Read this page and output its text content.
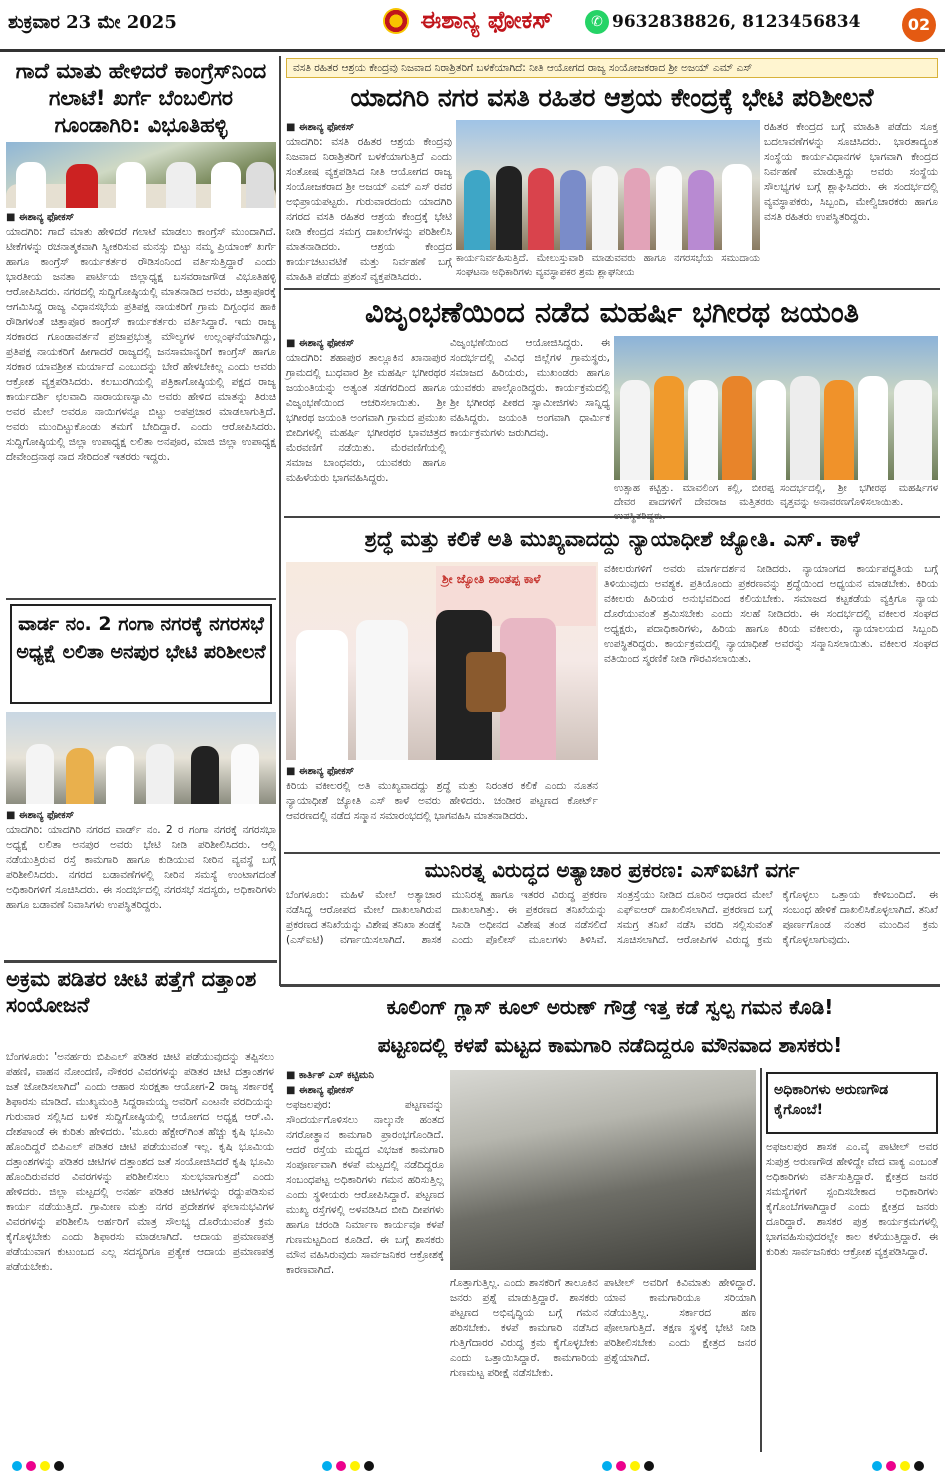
ಶುಕ್ರವಾರ 23 ಮೇ 2025	ಈಶಾನ್ಯ ಫೋಕಸ್	✆ 9632838826, 8123456834	02
ಗಾದೆ ಮಾತು ಹೇಳಿದರೆ ಕಾಂಗ್ರೆಸ್‌ನಿಂದ ಗಲಾಟೆ! ಖರ್ಗೆ ಬೆಂಬಲಿಗರ ಗೂಂಡಾಗಿರಿ: ವಿಭೂತಿಹಳ್ಳಿ
■ ಈಶಾನ್ಯ ಫೋಕಸ್
ಯಾದಗಿರಿ: ಗಾದೆ ಮಾತು ಹೇಳಿದರೆ ಗಲಾಟೆ ಮಾಡಲು ಕಾಂಗ್ರೆಸ್ ಮುಂದಾಗಿದೆ. ಟೀಕೆಗಳನ್ನು ರಚನಾತ್ಮಕವಾಗಿ ಸ್ವೀಕರಿಸುವ ಮನಸ್ಸು ಬಿಟ್ಟು ನಮ್ಮ ಪ್ರಿಯಾಂಕ್ ಖರ್ಗೆ ಹಾಗೂ ಕಾಂಗ್ರೆಸ್ ಕಾರ್ಯಕರ್ತರ ರೌಡಿಸಂನಿಂದ ವರ್ತಿಸುತ್ತಿದ್ದಾರೆ ಎಂದು ಭಾರತೀಯ ಜನತಾ ಪಾರ್ಟಿಯ ಜಿಲ್ಲಾಧ್ಯಕ್ಷ ಬಸವರಾಜಗೌಡ ವಿಭೂತಿಹಳ್ಳಿ ಆರೋಪಿಸಿದರು. ನಗರದಲ್ಲಿ ಸುದ್ದಿಗೋಷ್ಠಿಯಲ್ಲಿ ಮಾತನಾಡಿದ ಅವರು, ಚಿತ್ತಾಪೂರಕ್ಕೆ ಆಗಮಿಸಿದ್ದ ರಾಜ್ಯ ವಿಧಾನಸಭೆಯ ಪ್ರತಿಪಕ್ಷ ನಾಯಕರಿಗೆ ಗ್ರಾಮ ದಿಗ್ಬಂಧನ ಹಾಕಿ ರೌಡಿಗಳಂತೆ ಚಿತ್ತಾಪೂರ ಕಾಂಗ್ರೆಸ್ ಕಾರ್ಯಕರ್ತರು ವರ್ತಿಸಿದ್ದಾರೆ. ಇದು ರಾಜ್ಯ ಸರಕಾರದ ಗೂಂಡಾವರ್ತನೆ ಪ್ರಜಾಪ್ರಭುತ್ವ ಮೌಲ್ಯಗಳ ಉಲ್ಲಂಘನೆಯಾಗಿದ್ದು, ಪ್ರತಿಪಕ್ಷ ನಾಯಕರಿಗೆ ಹೀಗಾದರೆ ರಾಜ್ಯದಲ್ಲಿ ಜನಸಾಮಾನ್ಯರಿಗೆ ಕಾಂಗ್ರೆಸ್ ಹಾಗೂ ಸರಕಾರ ಯಾವಶ್ರೀತ ಮರ್ಯಾದೆ ಎಂಬುದನ್ನು ಬೇರೆ ಹೇಳಬೇಕಿಲ್ಲ ಎಂದು ಅವರು ಆಕ್ರೋಶ ವ್ಯಕ್ತಪಡಿಸಿದರು. ಕಲಬುರಗಿಯಲ್ಲಿ ಪತ್ರಿಕಾಗೋಷ್ಠಿಯಲ್ಲಿ ಪಕ್ಷದ ರಾಜ್ಯ ಕಾರ್ಯದರ್ಶಿ ಛಲವಾದಿ ನಾರಾಯಣಸ್ವಾಮಿ ಅವರು ಹೇಳಿದ ಮಾತನ್ನು ತಿರುಚಿ ಅವರ ಮೇಲೆ ಅವರೂ ನಾಯಿಗಳನ್ನೂ ಬಿಟ್ಟು ಅಪಪ್ರಚಾರ ಮಾಡಲಾಗುತ್ತಿದೆ. ಅವರು ಮುಂದಿಟ್ಟುಕೊಂಡು ತಮಗೆ ಬೇದಿದ್ದಾರೆ. ಎಂದು ಆರೋಪಿಸಿದರು. ಸುದ್ದಿಗೋಷ್ಠಿಯಲ್ಲಿ ಜಿಲ್ಲಾ ಉಪಾಧ್ಯಕ್ಷ ಲಲಿತಾ ಅನಪೂರ, ಮಾಜಿ ಜಿಲ್ಲಾ ಉಪಾಧ್ಯಕ್ಷ ದೇವೇಂದ್ರನಾಥ ನಾದ ಸೇರಿದಂತೆ ಇತರರು ಇದ್ದರು.
ವಾರ್ಡ ನಂ. 2 ಗಂಗಾ ನಗರಕ್ಕೆ ನಗರಸಭೆ ಅಧ್ಯಕ್ಷೆ ಲಲಿತಾ ಅನಪುರ ಭೇಟಿ ಪರಿಶೀಲನೆ
■ ಈಶಾನ್ಯ ಫೋಕಸ್
ಯಾದಗಿರಿ: ಯಾದಗಿರಿ ನಗರದ ವಾರ್ಡ್ ನಂ. 2 ರ ಗಂಗಾ ನಗರಕ್ಕೆ ನಗರಸಭಾ ಅಧ್ಯಕ್ಷೆ ಲಲಿತಾ ಅನಪುರ ಅವರು ಭೇಟಿ ನೀಡಿ ಪರಿಶೀಲಿಸಿದರು. ಆಲ್ಲಿ ನಡೆಯುತ್ತಿರುವ ರಸ್ತೆ ಕಾಮಗಾರಿ ಹಾಗೂ ಕುಡಿಯುವ ನೀರಿನ ವ್ಯವಸ್ಥೆ ಬಗ್ಗೆ ಪರಿಶೀಲಿಸಿದರು. ನಗರದ ಬಡಾವಣೆಗಳಲ್ಲಿ ನೀರಿನ ಸಮಸ್ಯೆ ಉಂಟಾಗದಂತೆ ಅಧಿಕಾರಿಗಳಿಗೆ ಸೂಚಿಸಿದರು. ಈ ಸಂದರ್ಭದಲ್ಲಿ ನಗರಸಭೆ ಸದಸ್ಯರು, ಅಧಿಕಾರಿಗಳು ಹಾಗೂ ಬಡಾವಣೆ ನಿವಾಸಿಗಳು ಉಪಸ್ಥಿತರಿದ್ದರು.
ಅಕ್ರಮ ಪಡಿತರ ಚೀಟಿ ಪತ್ತೆಗೆ ದತ್ತಾಂಶ ಸಂಯೋಜನೆ
ಬೆಂಗಳೂರು: 'ಅನರ್ಹರು ಬಿಪಿಎಲ್ ಪಡಿತರ ಚೀಟಿ ಪಡೆಯುವುದನ್ನು ತಪ್ಪಿಸಲು ಪಹಣಿ, ವಾಹನ ನೋಂದಣಿ, ನೌಕರರ ವಿವರಗಳನ್ನು ಪಡಿತರ ಚೀಟಿ ದತ್ತಾಂಶಗಳ ಜತೆ ಜೋಡಿಸಲಾಗಿದೆ' ಎಂದು ಆಹಾರ ಸುರಕ್ಷತಾ ಆಯೋಗ-2 ರಾಜ್ಯ ಸರ್ಕಾರಕ್ಕೆ ಶಿಫಾರಸು ಮಾಡಿದೆ. ಮುಖ್ಯಮಂತ್ರಿ ಸಿದ್ದರಾಮಯ್ಯ ಅವರಿಗೆ ಎಂಟನೇ ವರದಿಯನ್ನು ಗುರುವಾರ ಸಲ್ಲಿಸಿದ ಬಳಿಕ ಸುದ್ದಿಗೋಷ್ಠಿಯಲ್ಲಿ ಆಯೋಗದ ಅಧ್ಯಕ್ಷ ಆರ್.ವಿ. ದೇಶಪಾಂಡೆ ಈ ಕುರಿತು ಹೇಳಿದರು. 'ಮೂರು ಹೆಕ್ಟೇರ್‌ಗಿಂತ ಹೆಚ್ಚು ಕೃಷಿ ಭೂಮಿ ಹೊಂದಿದ್ದರೆ ಬಿಪಿಎಲ್ ಪಡಿತರ ಚೀಟಿ ಪಡೆಯುವಂತೆ ಇಲ್ಲ. ಕೃಷಿ ಭೂಮಿಯ ದತ್ತಾಂಶಗಳನ್ನು ಪಡಿತರ ಚೀಟಿಗಳ ದತ್ತಾಂಶದ ಜತೆ ಸಂಯೋಜಿಸಿದರೆ ಕೃಷಿ ಭೂಮಿ ಹೊಂದಿರುವವರ ವಿವರಗಳನ್ನು ಪರಿಶೀಲಿಸಲು ಸುಲಭವಾಗುತ್ತದೆ' ಎಂದು ಹೇಳಿದರು. ಜಿಲ್ಲಾ ಮಟ್ಟದಲ್ಲಿ ಅನರ್ಹ ಪಡಿತರ ಚೀಟಿಗಳನ್ನು ರದ್ದುಪಡಿಸುವ ಕಾರ್ಯ ನಡೆಯುತ್ತಿದೆ. ಗ್ರಾಮೀಣ ಮತ್ತು ನಗರ ಪ್ರದೇಶಗಳ ಫಲಾನುಭವಿಗಳ ವಿವರಗಳನ್ನು ಪರಿಶೀಲಿಸಿ ಅರ್ಹರಿಗೆ ಮಾತ್ರ ಸೌಲಭ್ಯ ದೊರೆಯುವಂತೆ ಕ್ರಮ ಕೈಗೊಳ್ಳಬೇಕು ಎಂದು ಶಿಫಾರಸು ಮಾಡಲಾಗಿದೆ. ಆದಾಯ ಪ್ರಮಾಣಪತ್ರ ಪಡೆಯುವಾಗ ಕುಟುಂಬದ ಎಲ್ಲ ಸದಸ್ಯರಿಗೂ ಪ್ರತ್ಯೇಕ ಆದಾಯ ಪ್ರಮಾಣಪತ್ರ ಪಡೆಯಬೇಕು.
ವಸತಿ ರಹಿತರ ಆಶ್ರಯ ಕೇಂದ್ರವು ನಿಜವಾದ ನಿರಾಶ್ರಿತರಿಗೆ ಬಳಕೆಯಾಗಿದೆ: ನೀತಿ ಆಯೋಗದ ರಾಜ್ಯ ಸಂಯೋಜಕರಾದ ಶ್ರೀ ಅಜಯ್ ಎಮ್ ಎಸ್
ಯಾದಗಿರಿ ನಗರ ವಸತಿ ರಹಿತರ ಆಶ್ರಯ ಕೇಂದ್ರಕ್ಕೆ ಭೇಟಿ ಪರಿಶೀಲನೆ
■ ಈಶಾನ್ಯ ಫೋಕಸ್
ಯಾದಗಿರಿ: ವಸತಿ ರಹಿತರ ಆಶ್ರಯ ಕೇಂದ್ರವು ನಿಜವಾದ ನಿರಾಶ್ರಿತರಿಗೆ ಬಳಕೆಯಾಗುತ್ತಿದೆ ಎಂದು ಸಂತೋಷ ವ್ಯಕ್ತಪಡಿಸಿದ ನೀತಿ ಆಯೋಗದ ರಾಜ್ಯ ಸಂಯೋಜಕರಾದ ಶ್ರೀ ಅಜಯ್ ಎಮ್ ಎಸ್ ರವರ ಅಭಿಪ್ರಾಯಪಟ್ಟರು. ಗುರುವಾರದಂದು ಯಾದಗಿರಿ ನಗರದ ವಸತಿ ರಹಿತರ ಆಶ್ರಯ ಕೇಂದ್ರಕ್ಕೆ ಭೇಟಿ ನೀಡಿ ಕೇಂದ್ರದ ಸಮಗ್ರ ದಾಖಲೆಗಳನ್ನು ಪರಿಶೀಲಿಸಿ ಮಾತನಾಡಿದರು. ಆಶ್ರಯ ಕೇಂದ್ರದ ಕಾರ್ಯಚಟುವಟಿಕೆ ಮತ್ತು ನಿರ್ವಹಣೆ ಬಗ್ಗೆ ಮಾಹಿತಿ ಪಡೆದು ಪ್ರಶಂಸೆ ವ್ಯಕ್ತಪಡಿಸಿದರು.
ಕಾರ್ಯನಿರ್ವಹಿಸುತ್ತಿದೆ. ಮೇಲುಸ್ತುವಾರಿ ಮಾಡುವವರು ಹಾಗೂ ನಗರಸಭೆಯ ಸಮುದಾಯ ಸಂಘಟನಾ ಅಧಿಕಾರಿಗಳು ವ್ಯವಸ್ಥಾಪಕರ ಶ್ರಮ ಶ್ಲಾಘನೀಯ
ರಹಿತರ ಕೇಂದ್ರದ ಬಗ್ಗೆ ಮಾಹಿತಿ ಪಡೆದು ಸೂಕ್ತ ಬದಲಾವಣೆಗಳನ್ನು ಸೂಚಿಸಿದರು. ಭಾರತಾದ್ಯಂತ ಸಂಸ್ಥೆಯ ಕಾರ್ಯವಿಧಾನಗಳ ಭಾಗವಾಗಿ ಕೇಂದ್ರದ ನಿರ್ವಹಣೆ ಮಾಡುತ್ತಿದ್ದು ಅವರು ಸಂಸ್ಥೆಯ ಸೌಲಭ್ಯಗಳ ಬಗ್ಗೆ ಶ್ಲಾಘಿಸಿದರು. ಈ ಸಂದರ್ಭದಲ್ಲಿ ವ್ಯವಸ್ಥಾಪಕರು, ಸಿಬ್ಬಂದಿ, ಮೇಲ್ವಿಚಾರಕರು ಹಾಗೂ ವಸತಿ ರಹಿತರು ಉಪಸ್ಥಿತರಿದ್ದರು.
ವಿಜೃಂಭಣೆಯಿಂದ ನಡೆದ ಮಹರ್ಷಿ ಭಗೀರಥ ಜಯಂತಿ
■ ಈಶಾನ್ಯ ಫೋಕಸ್
ಯಾದಗಿರಿ: ಶಹಾಪುರ ತಾಲ್ಲೂಕಿನ ಖಾನಾಪುರ ಗ್ರಾಮದಲ್ಲಿ ಬುಧವಾರ ಶ್ರೀ ಮಹರ್ಷಿ ಭಗೀರಥರ ಜಯಂತಿಯನ್ನು ಅತ್ಯಂತ ಸಡಗರದಿಂದ ಹಾಗೂ ವಿಜೃಂಭಣೆಯಿಂದ ಆಚರಿಸಲಾಯಿತು. ಶ್ರೀ ಭಗೀರಥ ಜಯಂತಿ ಅಂಗವಾಗಿ ಗ್ರಾಮದ ಪ್ರಮುಖ ಬೀದಿಗಳಲ್ಲಿ ಮಹರ್ಷಿ ಭಗೀರಥರ ಭಾವಚಿತ್ರದ ಮೆರವಣಿಗೆ ನಡೆಯಿತು. ಮೆರವಣಿಗೆಯಲ್ಲಿ ಸಮಾಜ ಬಾಂಧವರು, ಯುವಕರು ಹಾಗೂ ಮಹಿಳೆಯರು ಭಾಗವಹಿಸಿದ್ದರು.
ವಿಜೃಂಭಣೆಯಿಂದ ಆಯೋಜಿಸಿದ್ದರು. ಈ ಸಂದರ್ಭದಲ್ಲಿ ವಿವಿಧ ಜಿಲ್ಲೆಗಳ ಗ್ರಾಮಸ್ಥರು, ಸಮಾಜದ ಹಿರಿಯರು, ಮುಖಂಡರು ಹಾಗೂ ಯುವಕರು ಪಾಲ್ಗೊಂಡಿದ್ದರು. ಕಾರ್ಯಕ್ರಮದಲ್ಲಿ ಶ್ರೀ ಭಗೀರಥ ಪೀಠದ ಸ್ವಾಮೀಜಿಗಳು ಸಾನ್ನಿಧ್ಯ ವಹಿಸಿದ್ದರು. ಜಯಂತಿ ಅಂಗವಾಗಿ ಧಾರ್ಮಿಕ ಕಾರ್ಯಕ್ರಮಗಳು ಜರುಗಿದವು.
ಉತ್ಸಾಹ ಕಟ್ಟಿತ್ತು. ಮಾವಲಿಂಗ ಕಲ್ಲಿ, ಬೀರಪ್ಪ ದೇವರ ಪಾದಗಳಿಗೆ ದೇವರಾಜ ಮತ್ತಿತರರು
ಸಂದರ್ಭದಲ್ಲಿ, ಶ್ರೀ ಭಗೀರಥ ಮಹರ್ಷಿಗಳ ವೃತ್ತವನ್ನು ಅನಾವರಣಗೊಳಿಸಲಾಯಿತು.
ಶ್ರದ್ಧೆ ಮತ್ತು ಕಲಿಕೆ ಅತಿ ಮುಖ್ಯವಾದದ್ದು ನ್ಯಾಯಾಧೀಶೆ ಜ್ಯೋತಿ. ಎಸ್. ಕಾಳೆ
ಶ್ರೀ ಜ್ಯೋತಿ ಶಾಂತಪ್ಪ ಕಾಳೆ
■ ಈಶಾನ್ಯ ಫೋಕಸ್
ಕಿರಿಯ ವಕೀಲರಲ್ಲಿ ಅತಿ ಮುಖ್ಯವಾದದ್ದು ಶ್ರದ್ಧೆ ಮತ್ತು ನಿರಂತರ ಕಲಿಕೆ ಎಂದು ನೂತನ ನ್ಯಾಯಾಧೀಶೆ ಜ್ಯೋತಿ ಎಸ್ ಕಾಳೆ ಅವರು ಹೇಳಿದರು. ಚಂಡೀರ ಪಟ್ಟಣದ ಕೋರ್ಟ್ ಆವರಣದಲ್ಲಿ ನಡೆದ ಸನ್ಮಾನ ಸಮಾರಂಭದಲ್ಲಿ ಭಾಗವಹಿಸಿ ಮಾತನಾಡಿದರು.
ವಕೀಲರುಗಳಿಗೆ ಅವರು ಮಾರ್ಗದರ್ಶನ ನೀಡಿದರು. ನ್ಯಾಯಾಂಗದ ಕಾರ್ಯಪದ್ಧತಿಯ ಬಗ್ಗೆ ತಿಳಿಯುವುದು ಅವಶ್ಯಕ. ಪ್ರತಿಯೊಂದು ಪ್ರಕರಣವನ್ನು ಶ್ರದ್ಧೆಯಿಂದ ಅಧ್ಯಯನ ಮಾಡಬೇಕು. ಕಿರಿಯ ವಕೀಲರು ಹಿರಿಯರ ಅನುಭವದಿಂದ ಕಲಿಯಬೇಕು. ಸಮಾಜದ ಕಟ್ಟಕಡೆಯ ವ್ಯಕ್ತಿಗೂ ನ್ಯಾಯ ದೊರೆಯುವಂತೆ ಶ್ರಮಿಸಬೇಕು ಎಂದು ಸಲಹೆ ನೀಡಿದರು. ಈ ಸಂದರ್ಭದಲ್ಲಿ ವಕೀಲರ ಸಂಘದ ಅಧ್ಯಕ್ಷರು, ಪದಾಧಿಕಾರಿಗಳು, ಹಿರಿಯ ಹಾಗೂ ಕಿರಿಯ ವಕೀಲರು, ನ್ಯಾಯಾಲಯದ ಸಿಬ್ಬಂದಿ ಉಪಸ್ಥಿತರಿದ್ದರು. ಕಾರ್ಯಕ್ರಮದಲ್ಲಿ ನ್ಯಾಯಾಧೀಶೆ ಅವರನ್ನು ಸನ್ಮಾನಿಸಲಾಯಿತು. ವಕೀಲರ ಸಂಘದ ವತಿಯಿಂದ ಸ್ಮರಣಿಕೆ ನೀಡಿ ಗೌರವಿಸಲಾಯಿತು.
ಮುನಿರತ್ನ ವಿರುದ್ಧದ ಅತ್ಯಾಚಾರ ಪ್ರಕರಣ: ಎಸ್‌ಐಟಿಗೆ ವರ್ಗ
ಬೆಂಗಳೂರು: ಮಹಿಳೆ ಮೇಲೆ ಅತ್ಯಾಚಾರ ನಡೆಸಿದ್ದ ಆರೋಪದ ಮೇಲೆ ದಾಖಲಾಗಿರುವ ಪ್ರಕರಣದ ತನಿಖೆಯನ್ನು ವಿಶೇಷ ತನಿಖಾ ತಂಡಕ್ಕೆ (ಎಸ್‌ಐಟಿ) ವರ್ಗಾಯಿಸಲಾಗಿದೆ. ಶಾಸಕ ಮುನಿರತ್ನ ಹಾಗೂ ಇತರರ ವಿರುದ್ಧ ಪ್ರಕರಣ ದಾಖಲಾಗಿತ್ತು. ಈ ಪ್ರಕರಣದ ತನಿಖೆಯನ್ನು ಸಿಐಡಿ ಅಧೀನದ ವಿಶೇಷ ತಂಡ ನಡೆಸಲಿದೆ ಎಂದು ಪೊಲೀಸ್ ಮೂಲಗಳು ತಿಳಿಸಿವೆ. ಸಂತ್ರಸ್ತೆಯು ನೀಡಿದ ದೂರಿನ ಆಧಾರದ ಮೇಲೆ ಎಫ್‌ಐಆರ್ ದಾಖಲಿಸಲಾಗಿದೆ. ಪ್ರಕರಣದ ಬಗ್ಗೆ ಸಮಗ್ರ ತನಿಖೆ ನಡೆಸಿ ವರದಿ ಸಲ್ಲಿಸುವಂತೆ ಸೂಚಿಸಲಾಗಿದೆ. ಆರೋಪಿಗಳ ವಿರುದ್ಧ ಕ್ರಮ ಕೈಗೊಳ್ಳಲು ಒತ್ತಾಯ ಕೇಳಿಬಂದಿದೆ. ಈ ಸಂಬಂಧ ಹೇಳಿಕೆ ದಾಖಲಿಸಿಕೊಳ್ಳಲಾಗಿದೆ. ತನಿಖೆ ಪೂರ್ಣಗೊಂಡ ನಂತರ ಮುಂದಿನ ಕ್ರಮ ಕೈಗೊಳ್ಳಲಾಗುವುದು.
ಕೂಲಿಂಗ್ ಗ್ಲಾಸ್ ಕೂಲ್ ಅರುಣ್ ಗೌಡ್ರೆ ಇತ್ತ ಕಡೆ ಸ್ವಲ್ಪ ಗಮನ ಕೊಡಿ!
ಪಟ್ಟಣದಲ್ಲಿ ಕಳಪೆ ಮಟ್ಟದ ಕಾಮಗಾರಿ ನಡೆದಿದ್ದರೂ ಮೌನವಾದ ಶಾಸಕರು!
■ ಕಾರ್ತಿಕ್ ಎಸ್ ಕಟ್ಟಿಮನಿ
■ ಈಶಾನ್ಯ ಫೋಕಸ್
ಅಫಜಲಪುರ: ಪಟ್ಟಣವನ್ನು ಸೌಂದರ್ಯಗೊಳಿಸಲು ನಾಲ್ಕುನೇ ಹಂತದ ನಗರೋತ್ಥಾನ ಕಾಮಗಾರಿ ಪ್ರಾರಂಭಗೊಂಡಿದೆ. ಆದರೆ ರಸ್ತೆಯ ಮಧ್ಯದ ವಿಭಜಕ ಕಾಮಗಾರಿ ಸಂಪೂರ್ಣವಾಗಿ ಕಳಪೆ ಮಟ್ಟದಲ್ಲಿ ನಡೆದಿದ್ದರೂ ಸಂಬಂಧಪಟ್ಟ ಅಧಿಕಾರಿಗಳು ಗಮನ ಹರಿಸುತ್ತಿಲ್ಲ ಎಂದು ಸ್ಥಳೀಯರು ಆರೋಪಿಸಿದ್ದಾರೆ. ಪಟ್ಟಣದ ಮುಖ್ಯ ರಸ್ತೆಗಳಲ್ಲಿ ಅಳವಡಿಸಿದ ಬೀದಿ ದೀಪಗಳು ಹಾಗೂ ಚರಂಡಿ ನಿರ್ಮಾಣ ಕಾರ್ಯವೂ ಕಳಪೆ ಗುಣಮಟ್ಟದಿಂದ ಕೂಡಿದೆ. ಈ ಬಗ್ಗೆ ಶಾಸಕರು ಮೌನ ವಹಿಸಿರುವುದು ಸಾರ್ವಜನಿಕರ ಆಕ್ರೋಶಕ್ಕೆ ಕಾರಣವಾಗಿದೆ.
ಗೊತ್ತಾಗುತ್ತಿಲ್ಲ. ಎಂದು ಶಾಸಕರಿಗೆ ತಾಲೂಕಿನ ಜನರು ಪ್ರಶ್ನೆ ಮಾಡುತ್ತಿದ್ದಾರೆ. ಶಾಸಕರು ಪಟ್ಟಣದ ಅಭಿವೃದ್ಧಿಯ ಬಗ್ಗೆ ಗಮನ ಹರಿಸಬೇಕು. ಕಳಪೆ ಕಾಮಗಾರಿ ನಡೆಸಿದ ಗುತ್ತಿಗೆದಾರರ ವಿರುದ್ಧ ಕ್ರಮ ಕೈಗೊಳ್ಳಬೇಕು ಎಂದು ಒತ್ತಾಯಿಸಿದ್ದಾರೆ. ಕಾಮಗಾರಿಯ ಗುಣಮಟ್ಟ ಪರೀಕ್ಷೆ ನಡೆಸಬೇಕು.
ಪಾಟೀಲ್ ಅವರಿಗೆ ಕಿವಿಮಾತು ಹೇಳಿದ್ದಾರೆ. ಯಾವ ಕಾಮಗಾರಿಯೂ ಸರಿಯಾಗಿ ನಡೆಯುತ್ತಿಲ್ಲ. ಸರ್ಕಾರದ ಹಣ ಪೋಲಾಗುತ್ತಿದೆ. ತಕ್ಷಣ ಸ್ಥಳಕ್ಕೆ ಭೇಟಿ ನೀಡಿ ಪರಿಶೀಲಿಸಬೇಕು ಎಂದು ಕ್ಷೇತ್ರದ ಜನರ ಪ್ರಶ್ನೆಯಾಗಿದೆ.
ಅಧಿಕಾರಿಗಳು ಅರುಣಗೌಡ ಕೈಗೊಂಬೆ!
ಅಫಜಲಪುರ ಶಾಸಕ ಎಂ.ವೈ ಪಾಟೀಲ್ ಅವರ ಸುಪುತ್ರ ಅರುಣಗೌಡ ಹೇಳಿದ್ದೇ ವೇದ ವಾಕ್ಯ ಎಂಬಂತೆ ಅಧಿಕಾರಿಗಳು ವರ್ತಿಸುತ್ತಿದ್ದಾರೆ. ಕ್ಷೇತ್ರದ ಜನರ ಸಮಸ್ಯೆಗಳಿಗೆ ಸ್ಪಂದಿಸಬೇಕಾದ ಅಧಿಕಾರಿಗಳು ಕೈಗೊಂಬೆಗಳಾಗಿದ್ದಾರೆ ಎಂದು ಕ್ಷೇತ್ರದ ಜನರು ದೂರಿದ್ದಾರೆ. ಶಾಸಕರ ಪುತ್ರ ಕಾರ್ಯಕ್ರಮಗಳಲ್ಲಿ ಭಾಗವಹಿಸುವುದರಲ್ಲೇ ಕಾಲ ಕಳೆಯುತ್ತಿದ್ದಾರೆ. ಈ ಕುರಿತು ಸಾರ್ವಜನಿಕರು ಆಕ್ರೋಶ ವ್ಯಕ್ತಪಡಿಸಿದ್ದಾರೆ.
